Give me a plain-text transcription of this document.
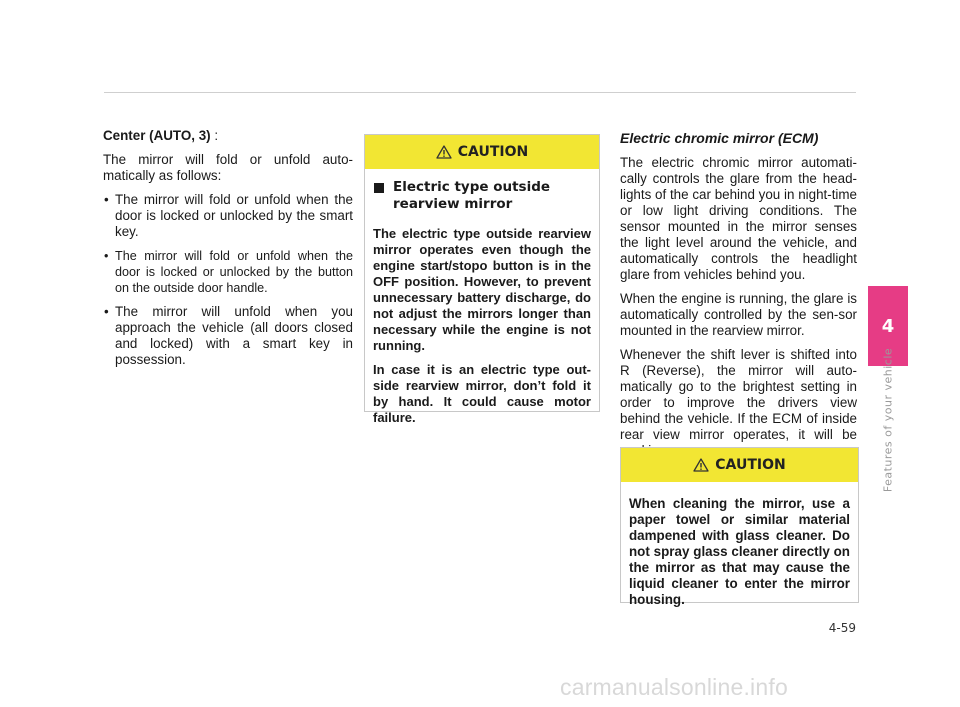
Center (AUTO, 3) :

The mirror will fold or unfold auto-matically as follows:

• The mirror will fold or unfold when the door is locked or unlocked by the smart key.
• The mirror will fold or unfold when the door is locked or unlocked by the button on the outside door handle.
• The mirror will unfold when you approach the vehicle (all doors closed and locked) with a smart key in possession.
CAUTION
Electric type outside rearview mirror

The electric type outside rearview mirror operates even though the engine start/stopo button is in the OFF position. However, to prevent unnecessary battery discharge, do not adjust the mirrors longer than necessary while the engine is not running.

In case it is an electric type out-side rearview mirror, don’t fold it by hand. It could cause motor failure.

Electric chromic mirror (ECM)

The electric chromic mirror automati-cally controls the glare from the head-lights of the car behind you in night-time or low light driving conditions. The sensor mounted in the mirror senses the light level around the vehicle, and automatically controls the headlight glare from vehicles behind you.

When the engine is running, the glare is automatically controlled by the sen-sor mounted in the rearview mirror.

Whenever the shift lever is shifted into R (Reverse), the mirror will auto-matically go to the brightest setting in order to improve the drivers view behind the vehicle. If the ECM of inside rear view mirror operates, it will be

CAUTION

When cleaning the mirror, use a paper towel or similar material dampened with glass cleaner. Do not spray glass cleaner directly on the mirror as that may cause the liquid cleaner to enter the mirror housing.

4
Features of your vehicle
4-59
carmanualsonline.info
